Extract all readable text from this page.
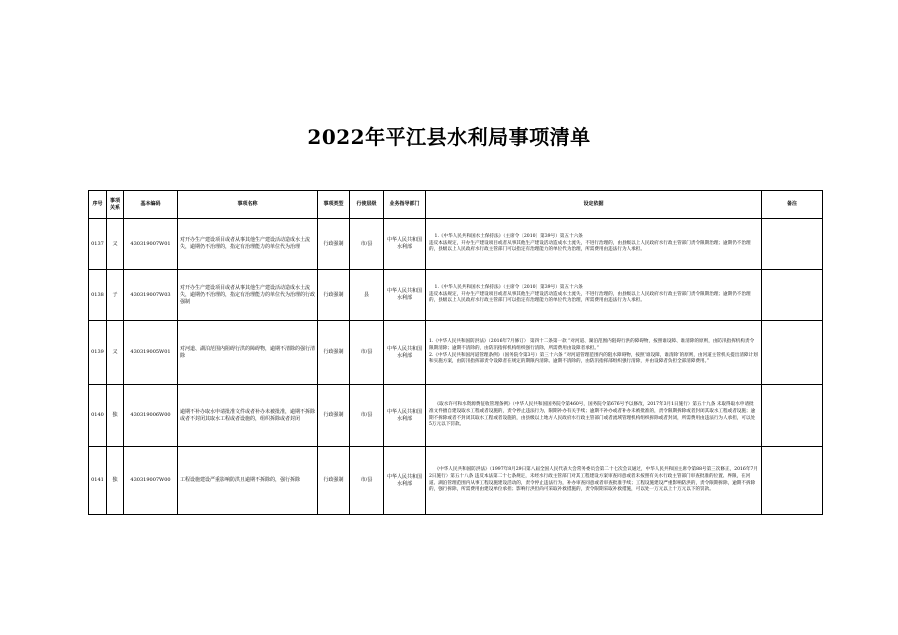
2022年平江县水利局事项清单
序号	事项关系	基本编码	事项名称	事项类型	行使层级	业务指导部门	设定依据	备注
0137	父	430319007W01	对开办生产建设项目或者从事其他生产建设活动造成水土流失，逾期仍不治理的，指定有治理能力的单位代为治理	行政强制	市/县	中华人民共和国水利部	1.《中华人民共和国水土保持法》（主席令〔2010〕第39号）第五十六条
违反本法规定，开办生产建设项目或者从事其他生产建设活动造成水土流失，不进行治理的，由县级以上人民政府水行政主管部门责令限期治理；逾期仍不治理的，县级以上人民政府水行政主管部门可以指定有治理能力的单位代为治理，所需费用由违法行为人承担。	

0138	子	430319007W03	对开办生产建设项目或者从事其他生产建设活动造成水土流失，逾期仍不治理的，指定有治理能力的单位代为治理的行政强制	行政强制	县	中华人民共和国水利部	1.《中华人民共和国水土保持法》（主席令〔2010〕第39号）第五十六条
违反本法规定，开办生产建设项目或者从事其他生产建设活动造成水土流失，不进行治理的，由县级以上人民政府水行政主管部门责令限期治理；逾期仍不治理的，县级以上人民政府水行政主管部门可以指定有治理能力的单位代为治理，所需费用由违法行为人承担。	

0139	父	430319005W01	对河道、湖泊范围内阻碍行洪的障碍物，逾期不清除的强行清除	行政强制	市/县	中华人民共和国水利部	1.《中华人民共和国防洪法》（2016年7月修订） 第四十二条第一款 “对河道、湖泊范围内阻碍行洪的障碍物，按照谁设障、谁清除的原则，由防汛指挥机构责令限期清除；逾期不清除的，由防汛指挥机构组织强行清除，所需费用由设障者承担。”
2.《中华人民共和国河道管理条例》（国务院令第3号）第三十六条 “对河道管理范围内的阻水障碍物，按照‘谁设障，谁清除’的原则，由河道主管机关提出清障计划和实施方案，由防汛指挥部责令设障者在规定的期限内清除。逾期不清除的，由防汛指挥部组织强行清除，并由设障者负担全部清障费用。”	

0140	独	430319006W00	逾期不补办取水申请批准文件或者补办未被批准，逾期不拆除或者不封闭其取水工程或者设施的，组织拆除或者封闭	行政强制	市/县	中华人民共和国水利部	《取水许可和水资源费征收管理条例》（中华人民共和国国务院令第460号，国务院令第676号予以修改，2017年3月1日施行）第五十九条 未取得取水申请批准文件擅自建设取水工程或者设施的，责令停止违法行为，限期补办有关手续；逾期不补办或者补办未被批准的，责令限期拆除或者封闭其取水工程或者设施；逾期不拆除或者不封闭其取水工程或者设施的，由县级以上地方人民政府水行政主管部门或者流域管理机构组织拆除或者封闭，所需费用由违法行为人承担，可以处5万元以下罚款。	

0141	独	430319007W00	工程设施建设严重影响防洪且逾期不拆除的，强行拆除	行政强制	市/县	中华人民共和国水利部	《中华人民共和国防洪法》（1997年8月29日第八届全国人民代表大会常务委员会第二十七次会议通过，中华人民共和国主席令第88号第三次修正，2016年7月2日施行）第五十八条 违反本法第二十七条规定，未经水行政主管部门对其工程建设方案审查同意或者未按照有关水行政主管部门审查批准的位置、界限，在河道、湖泊管理范围内从事工程设施建设活动的，责令停止违法行为，补办审查同意或者审查批准手续；工程设施建设严重影响防洪的，责令限期拆除，逾期不拆除的，强行拆除，所需费用由建设单位承担；影响行洪但尚可采取补救措施的，责令限期采取补救措施，可以处一万元以上十万元以下的罚款。	
